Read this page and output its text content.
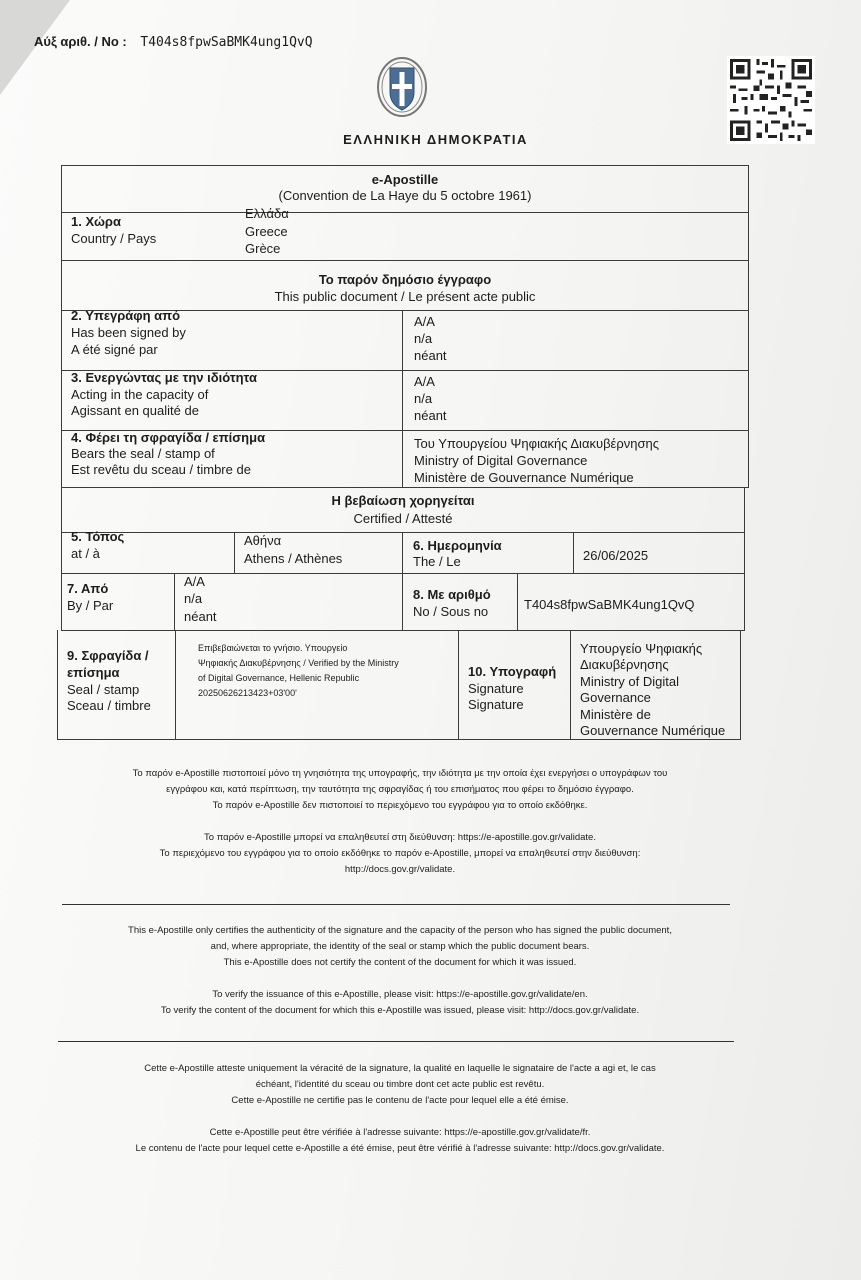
Αύξ αριθ. / No : T404s8fpwSaBMK4ung1QvQ
ΕΛΛΗΝΙΚΗ ΔΗΜΟΚΡΑΤΙΑ
e-Apostille
(Convention de La Haye du 5 octobre 1961)
1. Χώρα
Country / Pays
Ελλάδα
Greece
Grèce
Το παρόν δημόσιο έγγραφο
This public document / Le présent acte public
2. Υπεγράφη από
Has been signed by
A été signé par
A/A
n/a
néant
3. Ενεργώντας με την ιδιότητα
Acting in the capacity of
Agissant en qualité de
A/A
n/a
néant
4. Φέρει τη σφραγίδα / επίσημα
Bears the seal / stamp of
Est revêtu du sceau / timbre de
Του Υπουργείου Ψηφιακής Διακυβέρνησης
Ministry of Digital Governance
Ministère de Gouvernance Numérique
Η βεβαίωση χορηγείται
Certified / Attesté
5. Τόπος
at / à
Αθήνα
Athens / Athènes
6. Ημερομηνία
The / Le	26/06/2025
7. Από
By / Par
A/A
n/a
néant
8. Με αριθμό
No / Sous no	T404s8fpwSaBMK4ung1QvQ
9. Σφραγίδα /
επίσημα
Seal / stamp
Sceau / timbre
Επιβεβαιώνεται το γνήσιο. Υπουργείο
Ψηφιακής Διακυβέρνησης / Verified by the Ministry
of Digital Governance, Hellenic Republic
20250626213423+03'00'
10. Υπογραφή
Signature
Signature
Υπουργείο Ψηφιακής
Διακυβέρνησης
Ministry of Digital
Governance
Ministère de
Gouvernance Numérique
Το παρόν e-Apostille πιστοποιεί μόνο τη γνησιότητα της υπογραφής, την ιδιότητα με την οποία έχει ενεργήσει ο υπογράφων του
εγγράφου και, κατά περίπτωση, την ταυτότητα της σφραγίδας ή του επισήματος που φέρει το δημόσιο έγγραφο.
Το παρόν e-Apostille δεν πιστοποιεί το περιεχόμενο του εγγράφου για το οποίο εκδόθηκε.
Το παρόν e-Apostille μπορεί να επαληθευτεί στη διεύθυνση: https://e-apostille.gov.gr/validate.
Το περιεχόμενο του εγγράφου για το οποίο εκδόθηκε το παρόν e-Apostille, μπορεί να επαληθευτεί στην διεύθυνση:
http://docs.gov.gr/validate.
This e-Apostille only certifies the authenticity of the signature and the capacity of the person who has signed the public document,
and, where appropriate, the identity of the seal or stamp which the public document bears.
This e-Apostille does not certify the content of the document for which it was issued.
To verify the issuance of this e-Apostille, please visit: https://e-apostille.gov.gr/validate/en.
To verify the content of the document for which this e-Apostille was issued, please visit: http://docs.gov.gr/validate.
Cette e-Apostille atteste uniquement la véracité de la signature, la qualité en laquelle le signataire de l'acte a agi et, le cas
échéant, l'identité du sceau ou timbre dont cet acte public est revêtu.
Cette e-Apostille ne certifie pas le contenu de l'acte pour lequel elle a été émise.
Cette e-Apostille peut être vérifiée à l'adresse suivante: https://e-apostille.gov.gr/validate/fr.
Le contenu de l'acte pour lequel cette e-Apostille a été émise, peut être vérifié à l'adresse suivante: http://docs.gov.gr/validate.
